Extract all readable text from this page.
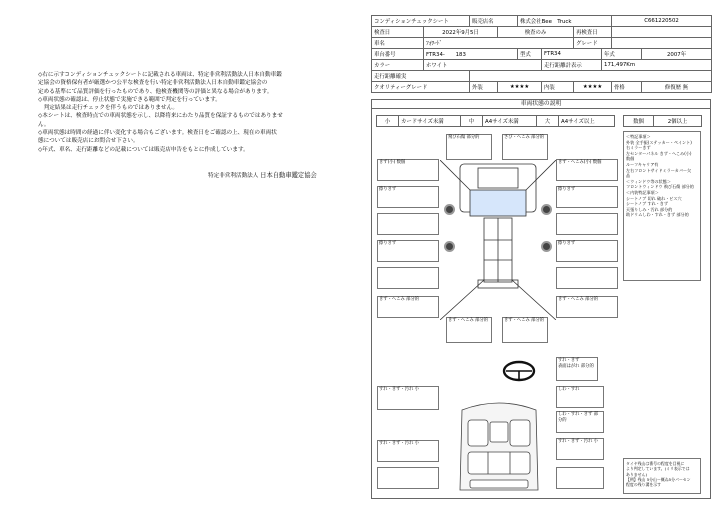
◇右に示すコンディションチェックシートに記載される車両は、特定非営利活動法人日本自動車鑑
定協会の資格保有者が厳選かつ公平な検査を行い特定非営利活動法人日本自動車鑑定協会の
定める基準にて品質評価を行ったものであり、他検査機関等の評価と異なる場合があります。
◇車両状態の確認は、停止状態で実施できる範囲で判定を行っています。
　判定結果は走行チェックを伴うものではありません。
◇本シートは、検査時点での車両状態を示し、以降将来にわたり品質を保証するものではありませ
ん。
◇車両状態は時間の経過に伴い変化する場合もございます。検査日をご確認の上、現在の車両状
態については販売店にお問合せ下さい。
◇年式、車名、走行距離などの記載については販売店申告をもとに作成しています。
特定非営利活動法人 日本自動車鑑定協会
コンディションチェックシート		販売店名		株式会社Bee　Truck				C661220502	
検査日	2022年9月5日		検査のみ			再検査日			
車名	ﾌｫﾜｰﾄﾞ					グレード			
車台番号	FTR34-　　183			型式	FTR34		年式		2007年
カラー	ホワイト				走行距離計表示		171,497Km		
走行距離確実									
クオリティーグレード		外装	★★★★		内装	★★★★		骨格	修復歴 無
車両状態の説明
小	カードサイズ未満	中	A4サイズ未満	大	A4サイズ以上	数個	2個以上
＜特記事項＞
外装 全手振(ステッカー・ペイント)
右ミラーきず
左センターパネル きず・へこみ(小)
数個
ルーフキャリア有
左右フロントサイドミラーカバー欠
品
＜ウィンドウ等の状態＞
フロントウィンドウ 飛び石傷 部分的
＜内装特記事項＞
シートノブ 切れ 破れ・ビス穴
シートノブ すれ・きず
天張りしみ・汚れ 部分的
助ドリムしわ・すれ・きず 部分的
タイヤ残山は番号の程度を目視に
より判定しています。(ミリ表示では
ありません)
【例】残山 5分山ー概ね5分パーセン
程度の残り溝を示す
飛び石傷 部分的	さび・へこみ 部分的
きず(小) 数個	きず・へこみ(小) 数個
擦りきず	擦りきず
擦りきず	擦りきず
きず・へこみ 部分的	きず・へこみ 部分的
きず・へこみ 部分的	きず・へこみ 部分的
すれ・きず
表面はがれ 部分的
すれ・きず・汚れ 小	しわ・すれ
しわ・すれ・きず 部分的
すれ・きず・汚れ 小	すれ・きず・汚れ 小
